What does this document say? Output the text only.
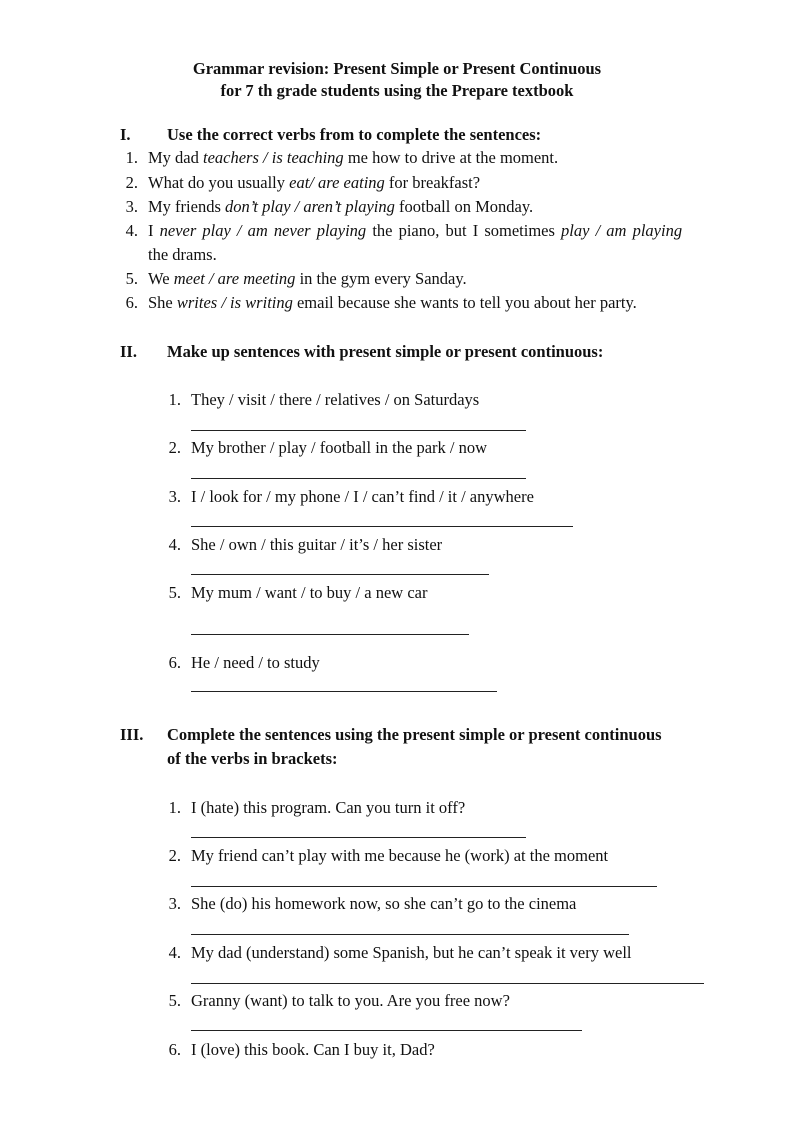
Grammar revision: Present Simple or Present Continuous
for 7 th grade students using the Prepare textbook
I. Use the correct verbs from to complete the sentences:
1. My dad teachers / is teaching me how to drive at the moment.
2. What do you usually eat/ are eating for breakfast?
3. My friends don’t play / aren’t playing football on Monday.
4. I never play / am never playing the piano, but I sometimes play / am playing
the drams.
5. We meet / are meeting in the gym every Sanday.
6. She writes / is writing email because she wants to tell you about her party.
II. Make up sentences with present simple or present continuous:
1. They / visit / there / relatives / on Saturdays
2. My brother / play / football in the park / now
3. I / look for / my phone / I / can’t find / it / anywhere
4. She / own / this guitar / it’s / her sister
5. My mum / want / to buy / a new car
6. He / need / to study
III. Complete the sentences using the present simple or present continuous
of the verbs in brackets:
1. I (hate) this program. Can you turn it off?
2. My friend can’t play with me because he (work) at the moment
3. She (do) his homework now, so she can’t go to the cinema
4. My dad (understand) some Spanish, but he can’t speak it very well
5. Granny (want) to talk to you. Are you free now?
6. I (love) this book. Can I buy it, Dad?
